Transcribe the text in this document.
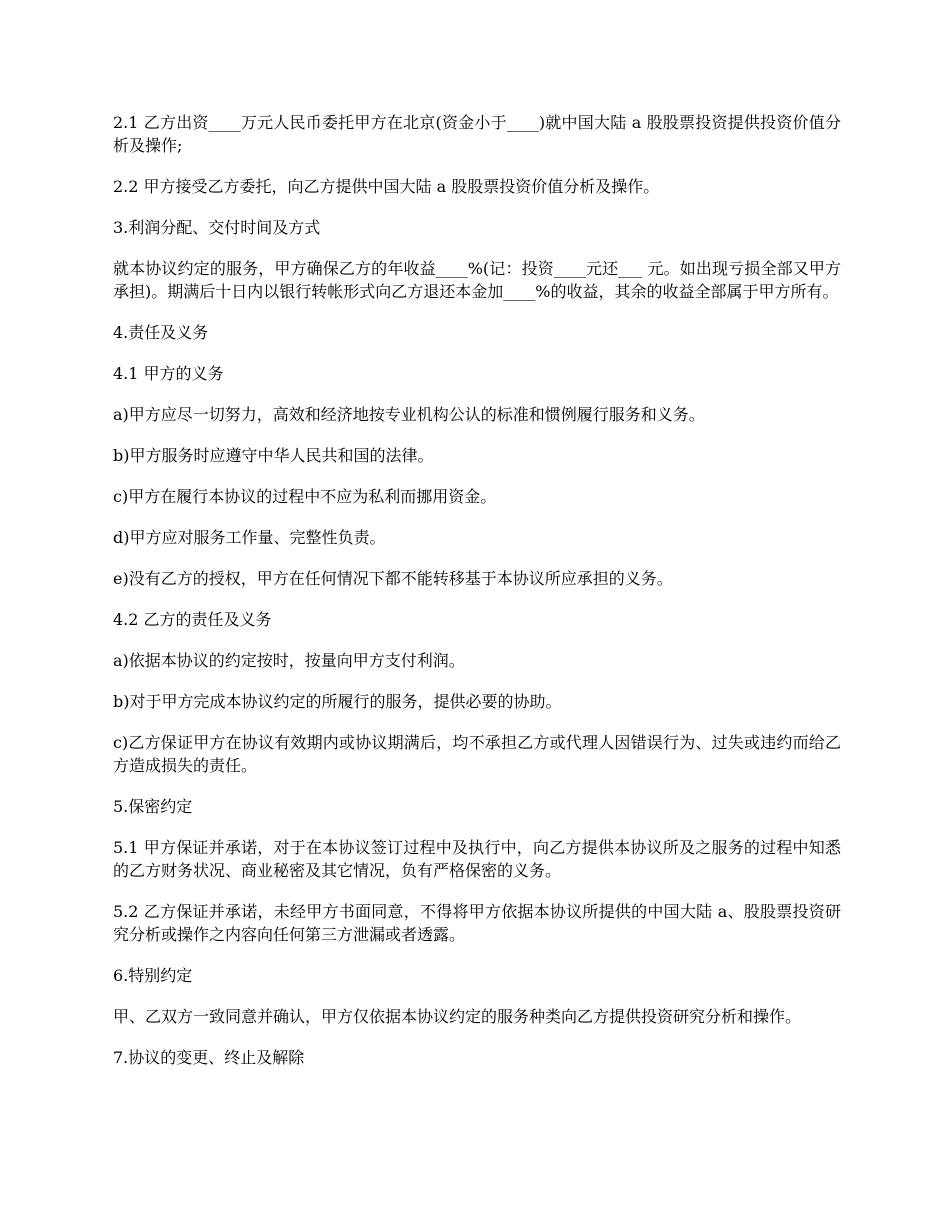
2.1 乙方出资____万元人民币委托甲方在北京(资金小于____)就中国大陆 a 股股票投资提供投资价值分析及操作;

2.2 甲方接受乙方委托，向乙方提供中国大陆 a 股股票投资价值分析及操作。

3.利润分配、交付时间及方式

就本协议约定的服务，甲方确保乙方的年收益____%(记：投资____元还___ 元。如出现亏损全部又甲方承担)。期满后十日内以银行转帐形式向乙方退还本金加____%的收益，其余的收益全部属于甲方所有。

4.责任及义务

4.1 甲方的义务

a)甲方应尽一切努力，高效和经济地按专业机构公认的标准和惯例履行服务和义务。

b)甲方服务时应遵守中华人民共和国的法律。

c)甲方在履行本协议的过程中不应为私利而挪用资金。

d)甲方应对服务工作量、完整性负责。

e)没有乙方的授权，甲方在任何情况下都不能转移基于本协议所应承担的义务。

4.2 乙方的责任及义务

a)依据本协议的约定按时，按量向甲方支付利润。

b)对于甲方完成本协议约定的所履行的服务，提供必要的协助。

c)乙方保证甲方在协议有效期内或协议期满后，均不承担乙方或代理人因错误行为、过失或违约而给乙方造成损失的责任。

5.保密约定

5.1 甲方保证并承诺，对于在本协议签订过程中及执行中，向乙方提供本协议所及之服务的过程中知悉的乙方财务状况、商业秘密及其它情况，负有严格保密的义务。

5.2 乙方保证并承诺，未经甲方书面同意，不得将甲方依据本协议所提供的中国大陆 a、股股票投资研究分析或操作之内容向任何第三方泄漏或者透露。

6.特别约定

甲、乙双方一致同意并确认，甲方仅依据本协议约定的服务种类向乙方提供投资研究分析和操作。

7.协议的变更、终止及解除
